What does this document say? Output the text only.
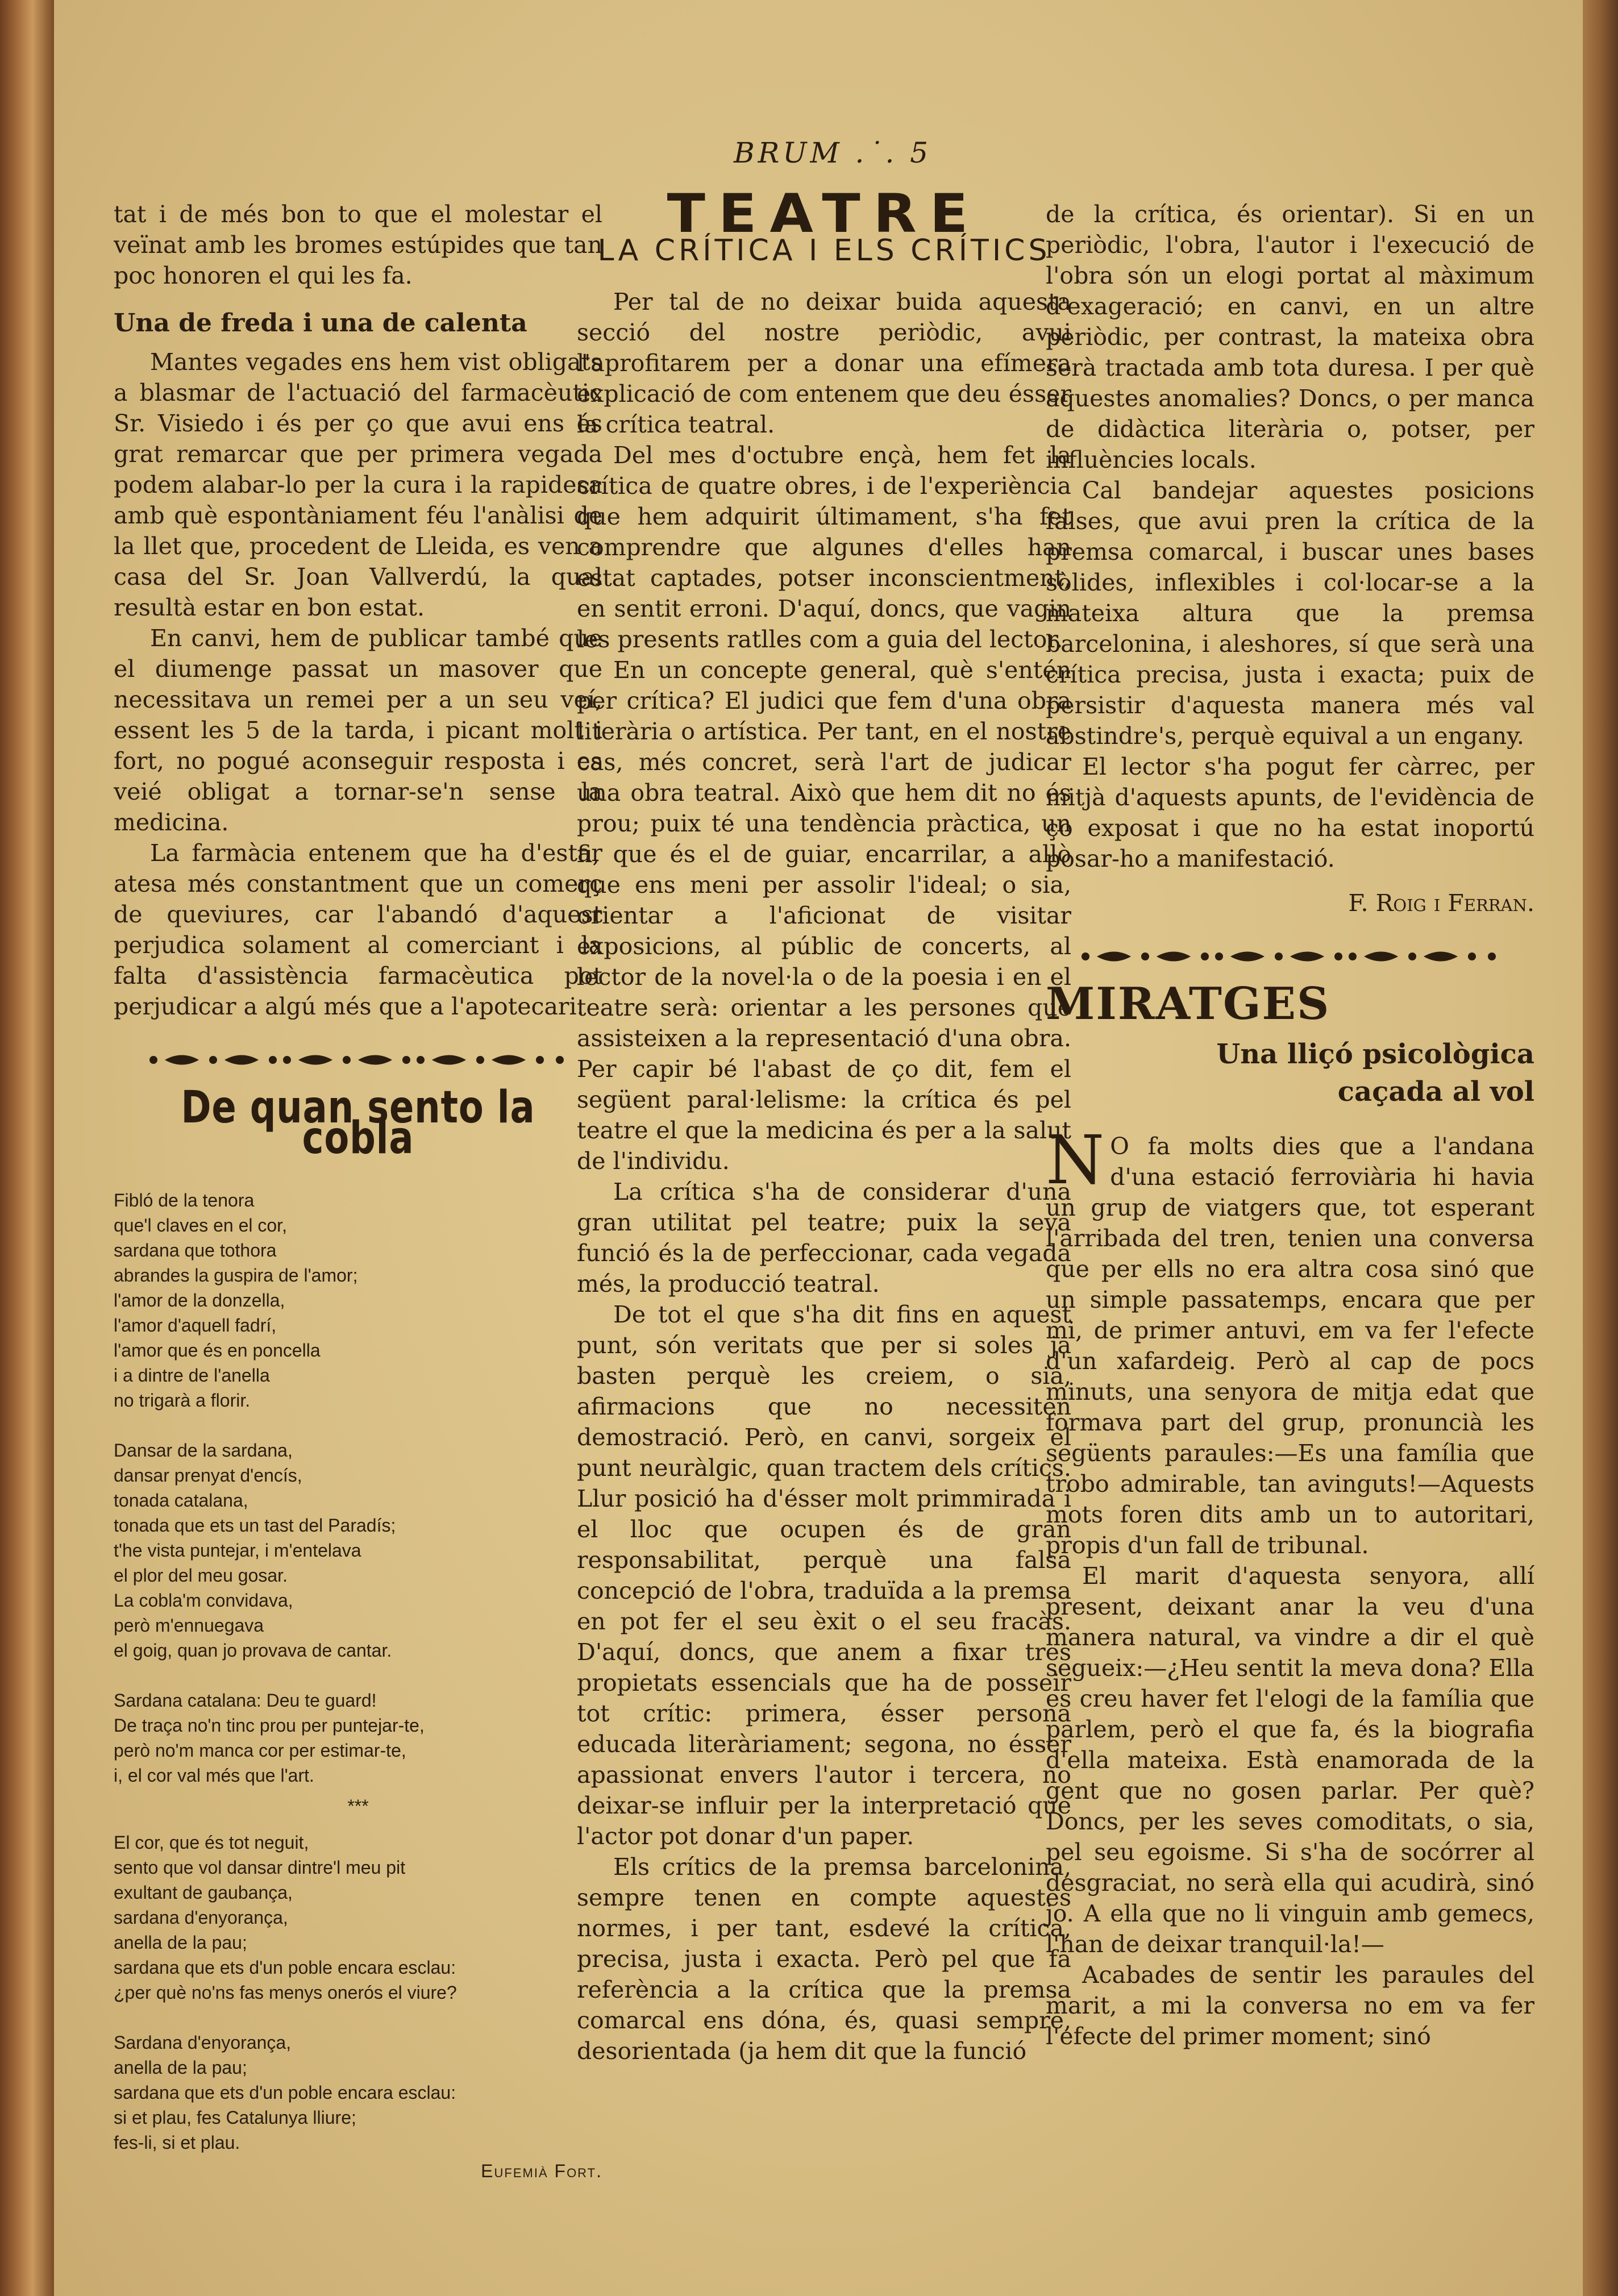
BRUM .˙. 5

tat i de més bon to que el molestar el veïnat amb les bromes estúpides que tan poc honoren el qui les fa.

Una de freda i una de calenta

Mantes vegades ens hem vist obligats a blasmar de l'actuació del farmacèutic Sr. Visiedo i és per ço que avui ens és grat remarcar que per primera vegada podem alabar-lo per la cura i la rapidesa amb què espontàniament féu l'anàlisi de la llet que, procedent de Lleida, es ven a casa del Sr. Joan Vallverdú, la qual resultà estar en bon estat.

En canvi, hem de publicar també que el diumenge passat un masover que necessitava un remei per a un seu veí, essent les 5 de la tarda, i picant molt i fort, no pogué aconseguir resposta i es veié obligat a tornar-se'n sense la medicina.

La farmàcia entenem que ha d'estar atesa més constantment que un comerç de queviures, car l'abandó d'aquest perjudica solament al comerciant i la falta d'assistència farmacèutica pot perjudicar a algú més que a l'apotecari.

De quan sento la cobla
Fibló de la tenora
que'l claves en el cor,
sardana que tothora
abrandes la guspira de l'amor;
l'amor de la donzella,
l'amor d'aquell fadrí,
l'amor que és en poncella
i a dintre de l'anella
no trigarà a florir.
Dansar de la sardana,
dansar prenyat d'encís,
tonada catalana,
tonada que ets un tast del Paradís;
t'he vista puntejar, i m'entelava
el plor del meu gosar.
La cobla'm convidava,
però m'ennuegava
el goig, quan jo provava de cantar.
Sardana catalana: Deu te guard!
De traça no'n tinc prou per puntejar-te,
però no'm manca cor per estimar-te,
i, el cor val més que l'art.
***
El cor, que és tot neguit,
sento que vol dansar dintre'l meu pit
exultant de gaubança,
sardana d'enyorança,
anella de la pau;
sardana que ets d'un poble encara esclau:
¿per què no'ns fas menys onerós el viure?
Sardana d'enyorança,
anella de la pau;
sardana que ets d'un poble encara esclau:
si et plau, fes Catalunya lliure;
fes-li, si et plau.
Eufemià Fort.
TEATRE
LA CRÍTICA I ELS CRÍTICS

Per tal de no deixar buida aquesta secció del nostre periòdic, avui l'aprofitarem per a donar una efímera explicació de com entenem que deu ésser la crítica teatral.

Del mes d'octubre ençà, hem fet la crítica de quatre obres, i de l'experiència que hem adquirit últimament, s'ha fet comprendre que algunes d'elles han estat captades, potser inconscientment, en sentit erroni. D'aquí, doncs, que vagin les presents ratlles com a guia del lector.

En un concepte general, què s'entén per crítica? El judici que fem d'una obra literària o artística. Per tant, en el nostre cas, més concret, serà l'art de judicar una obra teatral. Això que hem dit no és prou; puix té una tendència pràctica, un fi, que és el de guiar, encarrilar, a allò que ens meni per assolir l'ideal; o sia, orientar a l'aficionat de visitar exposicions, al públic de concerts, al lector de la novel·la o de la poesia i en el teatre serà: orientar a les persones que assisteixen a la representació d'una obra. Per capir bé l'abast de ço dit, fem el següent paral·lelisme: la crítica és pel teatre el que la medicina és per a la salut de l'individu.

La crítica s'ha de considerar d'una gran utilitat pel teatre; puix la seva funció és la de perfeccionar, cada vegada més, la producció teatral.

De tot el que s'ha dit fins en aquest punt, són veritats que per si soles ja basten perquè les creiem, o sia, afirmacions que no necessiten demostració. Però, en canvi, sorgeix el punt neuràlgic, quan tractem dels crítics. Llur posició ha d'ésser molt primmirada i el lloc que ocupen és de gran responsabilitat, perquè una falsa concepció de l'obra, traduïda a la premsa en pot fer el seu èxit o el seu fracàs. D'aquí, doncs, que anem a fixar tres propietats essencials que ha de posseir tot crític: primera, ésser persona educada literàriament; segona, no ésser apassionat envers l'autor i tercera, no deixar-se influir per la interpretació que l'actor pot donar d'un paper.

Els crítics de la premsa barcelonina, sempre tenen en compte aquestes normes, i per tant, esdevé la crítica, precisa, justa i exacta. Però pel que fa referència a la crítica que la premsa comarcal ens dóna, és, quasi sempre, desorientada (ja hem dit que la funció

de la crítica, és orientar). Si en un periòdic, l'obra, l'autor i l'execució de l'obra són un elogi portat al màximum d'exageració; en canvi, en un altre periòdic, per contrast, la mateixa obra serà tractada amb tota duresa. I per què aquestes anomalies? Doncs, o per manca de didàctica literària o, potser, per influències locals.

Cal bandejar aquestes posicions falses, que avui pren la crítica de la premsa comarcal, i buscar unes bases sòlides, inflexibles i col·locar-se a la mateixa altura que la premsa barcelonina, i aleshores, sí que serà una crítica precisa, justa i exacta; puix de persistir d'aquesta manera més val abstindre's, perquè equival a un engany.

El lector s'ha pogut fer càrrec, per mitjà d'aquests apunts, de l'evidència de ço exposat i que no ha estat inoportú posar-ho a manifestació.

F. Roig i Ferran.
MIRATGES
Una lliçó psicològica
caçada al vol

N O fa molts dies que a l'andana d'una estació ferroviària hi havia un grup de viatgers que, tot esperant l'arribada del tren, tenien una conversa que per ells no era altra cosa sinó que un simple passatemps, encara que per mi, de primer antuvi, em va fer l'efecte d'un xafardeig. Però al cap de pocs minuts, una senyora de mitja edat que formava part del grup, pronuncià les següents paraules:—Es una família que trobo admirable, tan avinguts!—Aquests mots foren dits amb un to autoritari, propis d'un fall de tribunal.

El marit d'aquesta senyora, allí present, deixant anar la veu d'una manera natural, va vindre a dir el què segueix:—¿Heu sentit la meva dona? Ella es creu haver fet l'elogi de la família que parlem, però el que fa, és la biografia d'ella mateixa. Està enamorada de la gent que no gosen parlar. Per què? Doncs, per les seves comoditats, o sia, pel seu egoisme. Si s'ha de socórrer al desgraciat, no serà ella qui acudirà, sinó jo. A ella que no li vinguin amb gemecs, l'han de deixar tranquil·la!—

Acabades de sentir les paraules del marit, a mi la conversa no em va fer l'efecte del primer moment; sinó
